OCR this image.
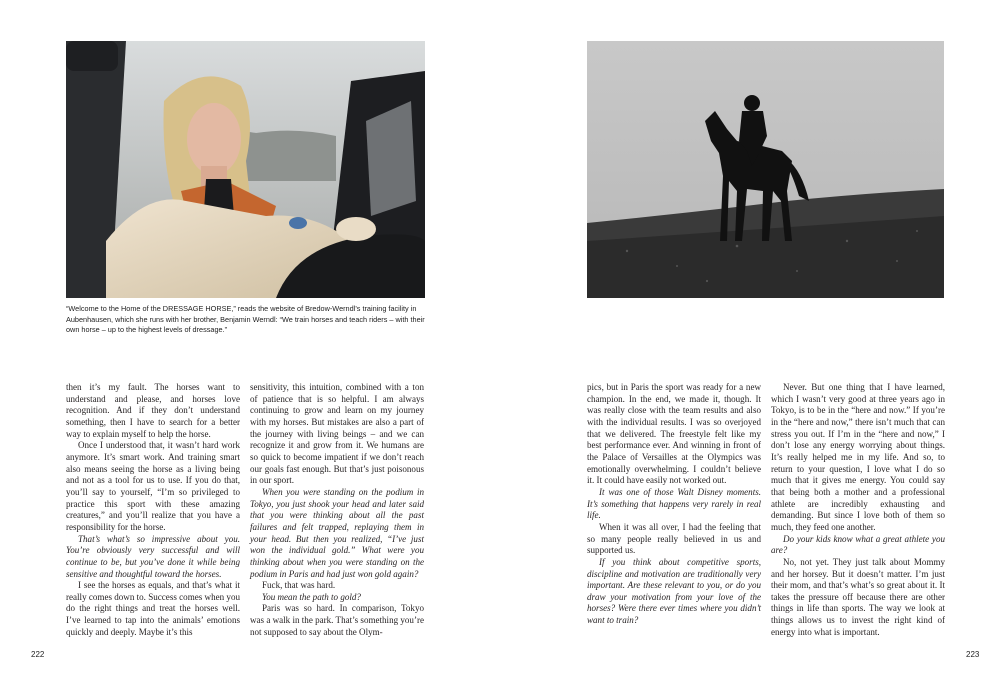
“Welcome to the Home of the DRESSAGE HORSE,” reads the website of Bredow-Werndl’s training facility in Aubenhausen, which she runs with her brother, Benjamin Werndl: “We train horses and teach riders – with their own horse – up to the highest levels of dressage.”

then it’s my fault. The horses want to understand and please, and horses love recognition. And if they don’t understand something, then I have to search for a better way to explain myself to help the horse.

Once I understood that, it wasn’t hard work anymore. It’s smart work. And training smart also means seeing the horse as a living being and not as a tool for us to use. If you do that, you’ll say to yourself, “I’m so privileged to practice this sport with these amazing creatures,” and you’ll realize that you have a responsibility for the horse.

That’s what’s so impressive about you. You’re obviously very successful and will continue to be, but you’ve done it while being sensitive and thoughtful toward the horses.

I see the horses as equals, and that’s what it really comes down to. Success comes when you do the right things and treat the horses well. I’ve learned to tap into the animals’ emotions quickly and deeply. Maybe it’s this

sensitivity, this intuition, combined with a ton of patience that is so helpful. I am always continuing to grow and learn on my journey with my horses. But mistakes are also a part of the journey with living beings – and we can recognize it and grow from it. We humans are so quick to become impatient if we don’t reach our goals fast enough. But that’s just poisonous in our sport.

When you were standing on the podium in Tokyo, you just shook your head and later said that you were thinking about all the past failures and felt trapped, replaying them in your head. But then you realized, “I’ve just won the individual gold.” What were you thinking about when you were standing on the podium in Paris and had just won gold again?

Fuck, that was hard.

You mean the path to gold?

Paris was so hard. In comparison, Tokyo was a walk in the park. That’s something you’re not supposed to say about the Olym-

pics, but in Paris the sport was ready for a new champion. In the end, we made it, though. It was really close with the team results and also with the individual results. I was so overjoyed that we delivered. The freestyle felt like my best performance ever. And winning in front of the Palace of Versailles at the Olympics was emotionally overwhelming. I couldn’t believe it. It could have easily not worked out.

It was one of those Walt Disney moments. It’s something that happens very rarely in real life.

When it was all over, I had the feeling that so many people really believed in us and supported us.

If you think about competitive sports, discipline and motivation are traditionally very important. Are these relevant to you, or do you draw your motivation from your love of the horses? Were there ever times where you didn’t want to train?

Never. But one thing that I have learned, which I wasn’t very good at three years ago in Tokyo, is to be in the “here and now.” If you’re in the “here and now,” there isn’t much that can stress you out. If I’m in the “here and now,” I don’t lose any energy worrying about things. It’s really helped me in my life. And so, to return to your question, I love what I do so much that it gives me energy. You could say that being both a mother and a professional athlete are incredibly exhausting and demanding. But since I love both of them so much, they feed one another.

Do your kids know what a great athlete you are?

No, not yet. They just talk about Mommy and her horsey. But it doesn’t matter. I’m just their mom, and that’s what’s so great about it. It takes the pressure off because there are other things in life than sports. The way we look at things allows us to invest the right kind of energy into what is important.

222	223
